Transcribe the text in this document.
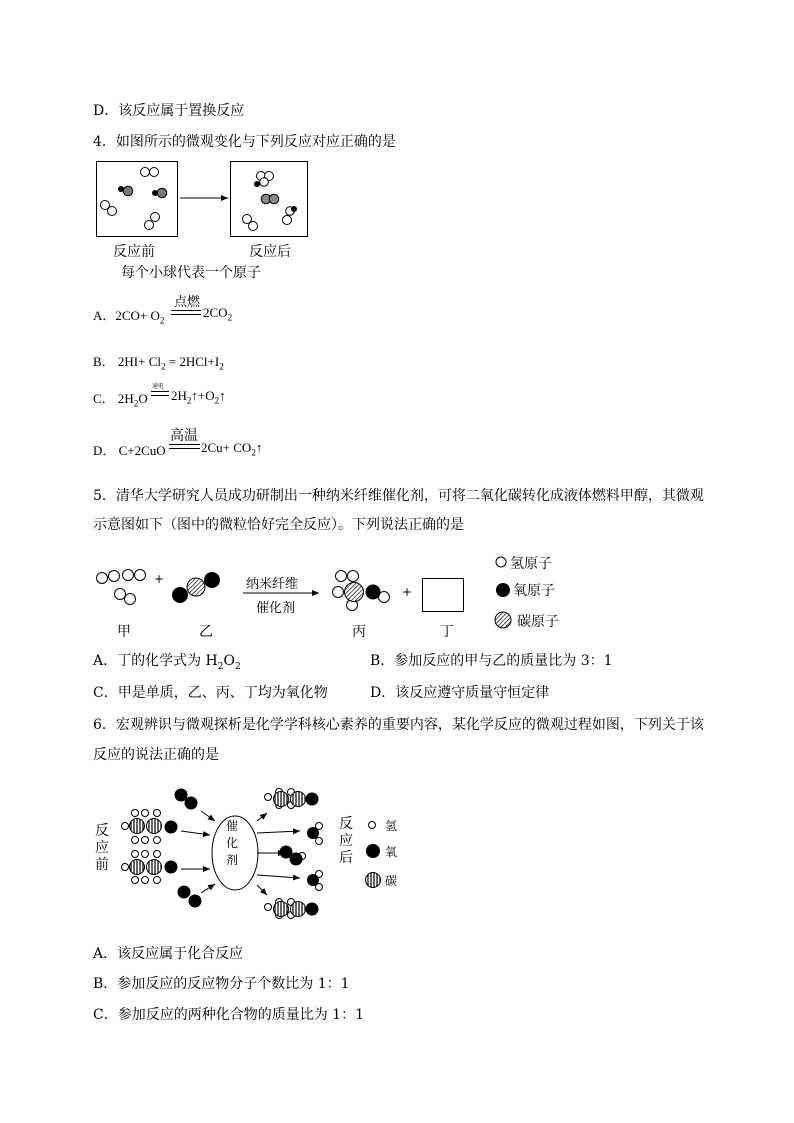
D．该反应属于置换反应
4．如图所示的微观变化与下列反应对应正确的是
反应前	反应后
每个小球代表一个原子
A．$2CO+ O_2$
点燃
$2CO_2$
B． $2HI+ Cl_2 = 2HCl+I_2$
C． $2H_2O$
通电
$2H_2↑+O_2↑$
D． C+2CuO
高温
$2Cu+ CO_2↑$
5．清华大学研究人员成功研制出一种纳米纤维催化剂，可将二氧化碳转化成液体燃料甲醇，其微观
示意图如下（图中的微粒恰好完全反应）。下列说法正确的是
+	纳米纤维
催化剂
+
甲	乙	丙	丁
氢原子
氧原子
碳原子
A．丁的化学式为 $H_2O_2$	B．参加反应的甲与乙的质量比为 3：1
C．甲是单质，乙、丙、丁均为氧化物	D．该反应遵守质量守恒定律
6．宏观辨识与微观探析是化学学科核心素养的重要内容，某化学反应的微观过程如图，下列关于该
反应的说法正确的是
反
应
前
催
化
剂
反
应
后
氢
氧
碳
A．该反应属于化合反应
B．参加反应的反应物分子个数比为 1：1
C．参加反应的两种化合物的质量比为 1：1
